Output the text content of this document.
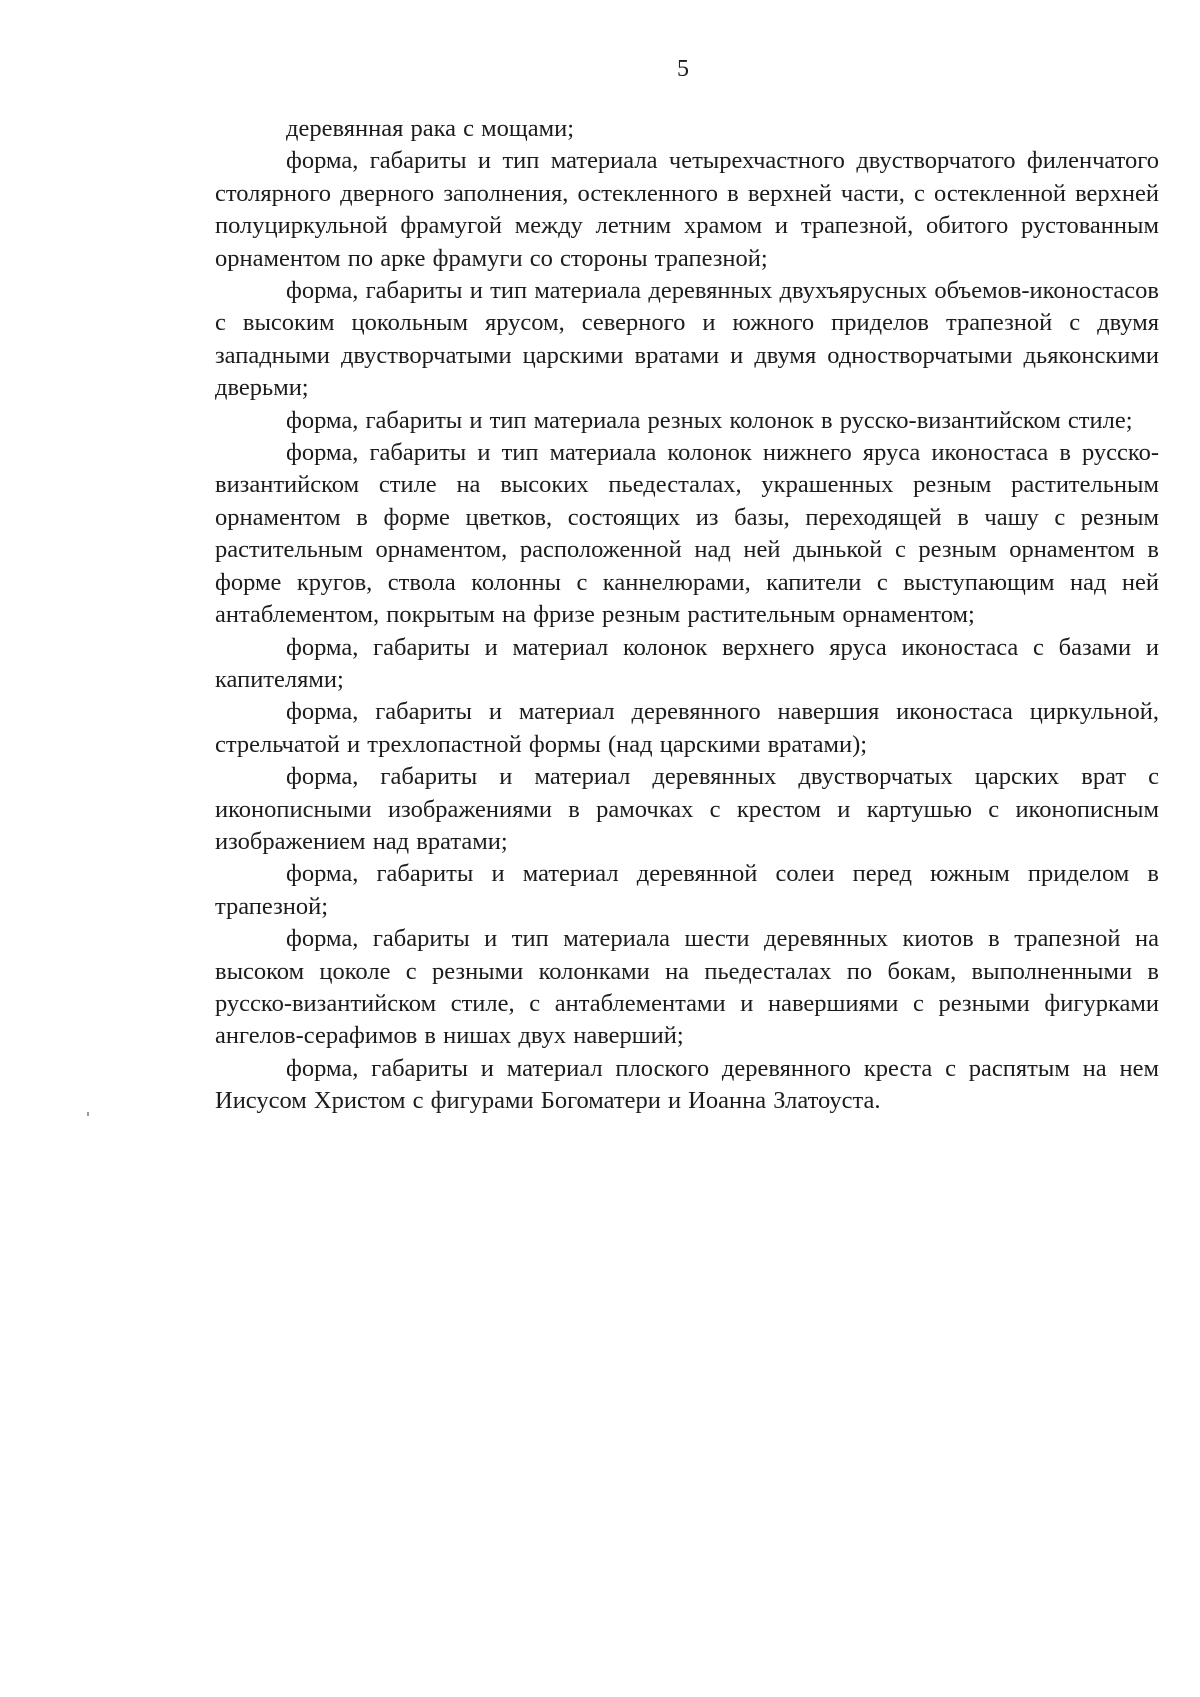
5

деревянная рака с мощами;

форма, габариты и тип материала четырехчастного двустворчатого филенчатого столярного дверного заполнения, остекленного в верхней части, с остекленной верхней полуциркульной фрамугой между летним храмом и трапезной, обитого рустованным орнаментом по арке фрамуги со стороны трапезной;

форма, габариты и тип материала деревянных двухъярусных объемов-иконостасов с высоким цокольным ярусом, северного и южного приделов трапезной с двумя западными двустворчатыми царскими вратами и двумя одностворчатыми дьяконскими дверьми;

форма, габариты и тип материала резных колонок в русско-византийском стиле;

форма, габариты и тип материала колонок нижнего яруса иконостаса в русско-византийском стиле на высоких пьедесталах, украшенных резным растительным орнаментом в форме цветков, состоящих из базы, переходящей в чашу с резным растительным орнаментом, расположенной над ней дынькой с резным орнаментом в форме кругов, ствола колонны с каннелюрами, капители с выступающим над ней антаблементом, покрытым на фризе резным растительным орнаментом;

форма, габариты и материал колонок верхнего яруса иконостаса с базами и капителями;

форма, габариты и материал деревянного навершия иконостаса циркульной, стрельчатой и трехлопастной формы (над царскими вратами);

форма, габариты и материал деревянных двустворчатых царских врат с иконописными изображениями в рамочках с крестом и картушью с иконописным изображением над вратами;

форма, габариты и материал деревянной солеи перед южным приделом в трапезной;

форма, габариты и тип материала шести деревянных киотов в трапезной на высоком цоколе с резными колонками на пьедесталах по бокам, выполненными в русско-византийском стиле, с антаблементами и навершиями с резными фигурками ангелов-серафимов в нишах двух наверший;

форма, габариты и материал плоского деревянного креста с распятым на нем Иисусом Христом с фигурами Богоматери и Иоанна Златоуста.
